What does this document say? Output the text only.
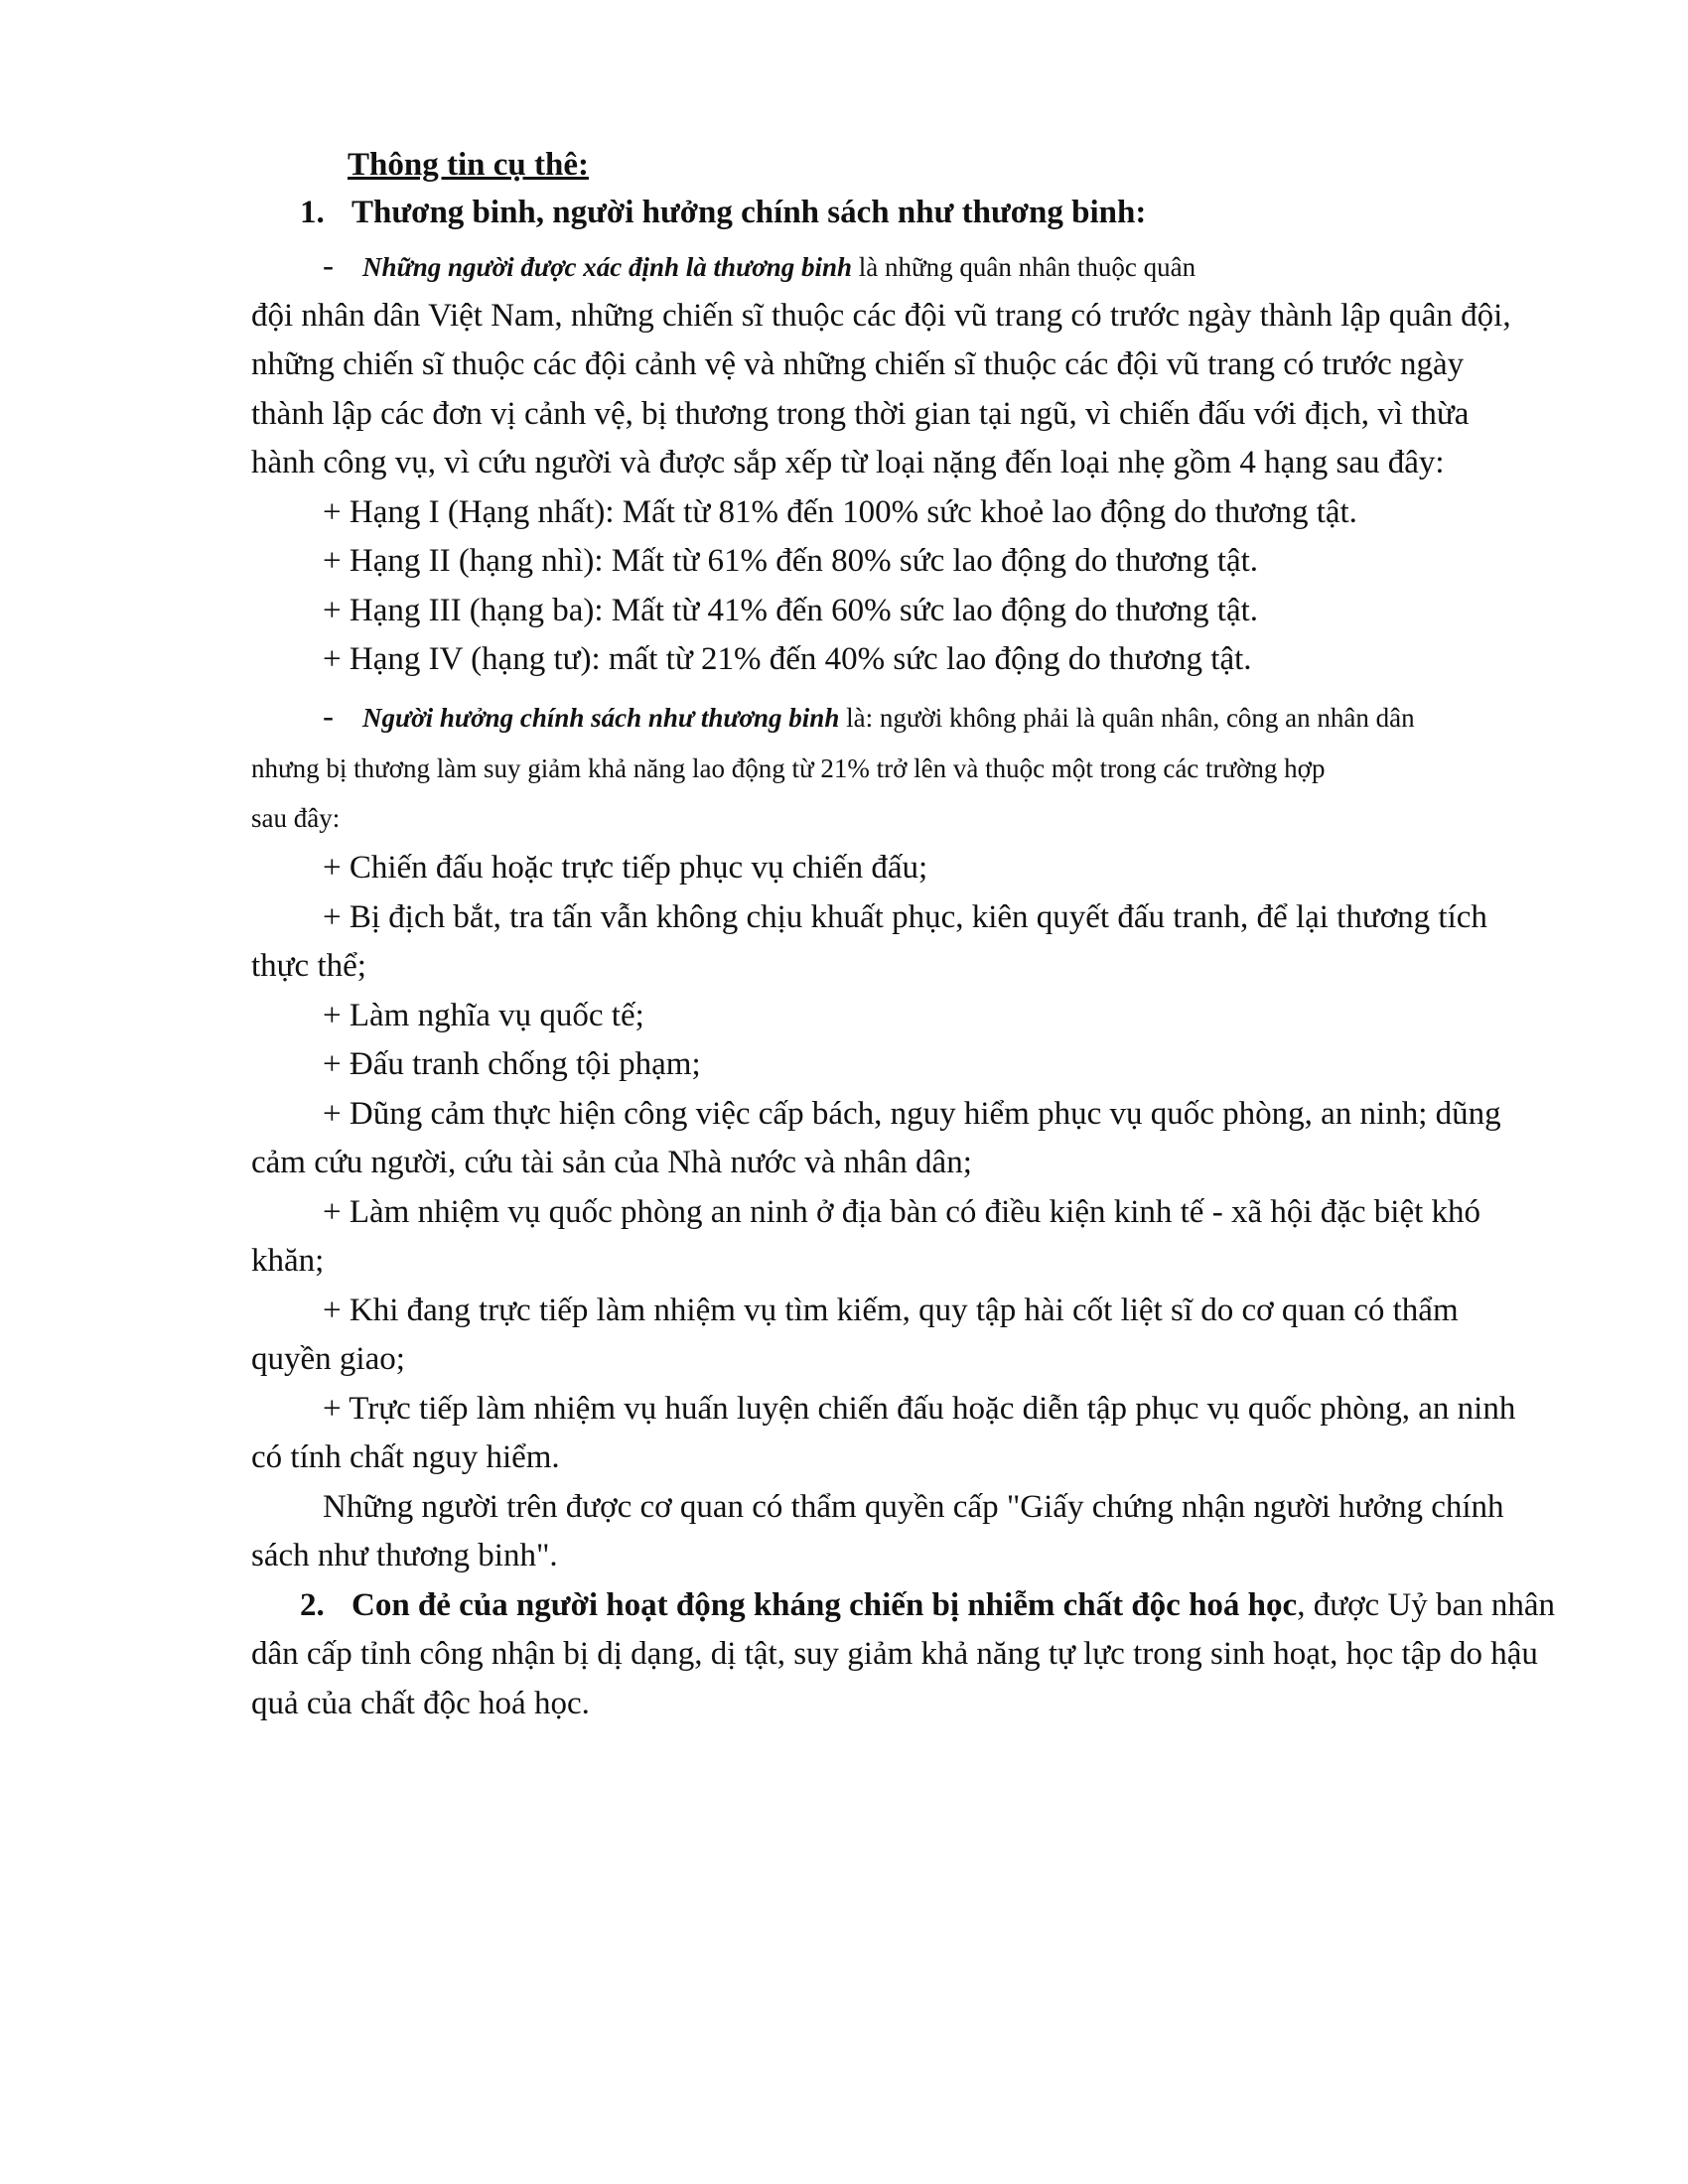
Thông tin cụ thê:
1. Thương binh, người hưởng chính sách như thương binh:
- Những người được xác định là thương binh là những quân nhân thuộc quân
đội nhân dân Việt Nam, những chiến sĩ thuộc các đội vũ trang có trước ngày thành lập quân đội,
những chiến sĩ thuộc các đội cảnh vệ và những chiến sĩ thuộc các đội vũ trang có trước ngày
thành lập các đơn vị cảnh vệ, bị thương trong thời gian tại ngũ, vì chiến đấu với địch, vì thừa
hành công vụ, vì cứu người và được sắp xếp từ loại nặng đến loại nhẹ gồm 4 hạng sau đây:
+ Hạng I (Hạng nhất): Mất từ 81% đến 100% sức khoẻ lao động do thương tật.
+ Hạng II (hạng nhì): Mất từ 61% đến 80% sức lao động do thương tật.
+ Hạng III (hạng ba): Mất từ 41% đến 60% sức lao động do thương tật.
+ Hạng IV (hạng tư): mất từ 21% đến 40% sức lao động do thương tật.
- Người hưởng chính sách như thương binh là: người không phải là quân nhân, công an nhân dân
nhưng bị thương làm suy giảm khả năng lao động từ 21% trở lên và thuộc một trong các trường hợp
sau đây:
+ Chiến đấu hoặc trực tiếp phục vụ chiến đấu;
+ Bị địch bắt, tra tấn vẫn không chịu khuất phục, kiên quyết đấu tranh, để lại thương tích
thực thể;
+ Làm nghĩa vụ quốc tế;
+ Đấu tranh chống tội phạm;
+ Dũng cảm thực hiện công việc cấp bách, nguy hiểm phục vụ quốc phòng, an ninh; dũng
cảm cứu người, cứu tài sản của Nhà nước và nhân dân;
+ Làm nhiệm vụ quốc phòng an ninh ở địa bàn có điều kiện kinh tế - xã hội đặc biệt khó
khăn;
+ Khi đang trực tiếp làm nhiệm vụ tìm kiếm, quy tập hài cốt liệt sĩ do cơ quan có thẩm
quyền giao;
+ Trực tiếp làm nhiệm vụ huấn luyện chiến đấu hoặc diễn tập phục vụ quốc phòng, an ninh
có tính chất nguy hiểm.
Những người trên được cơ quan có thẩm quyền cấp "Giấy chứng nhận người hưởng chính
sách như thương binh".
2. Con đẻ của người hoạt động kháng chiến bị nhiễm chất độc hoá học, được Uỷ ban nhân
dân cấp tỉnh công nhận bị dị dạng, dị tật, suy giảm khả năng tự lực trong sinh hoạt, học tập do hậu
quả của chất độc hoá học.
